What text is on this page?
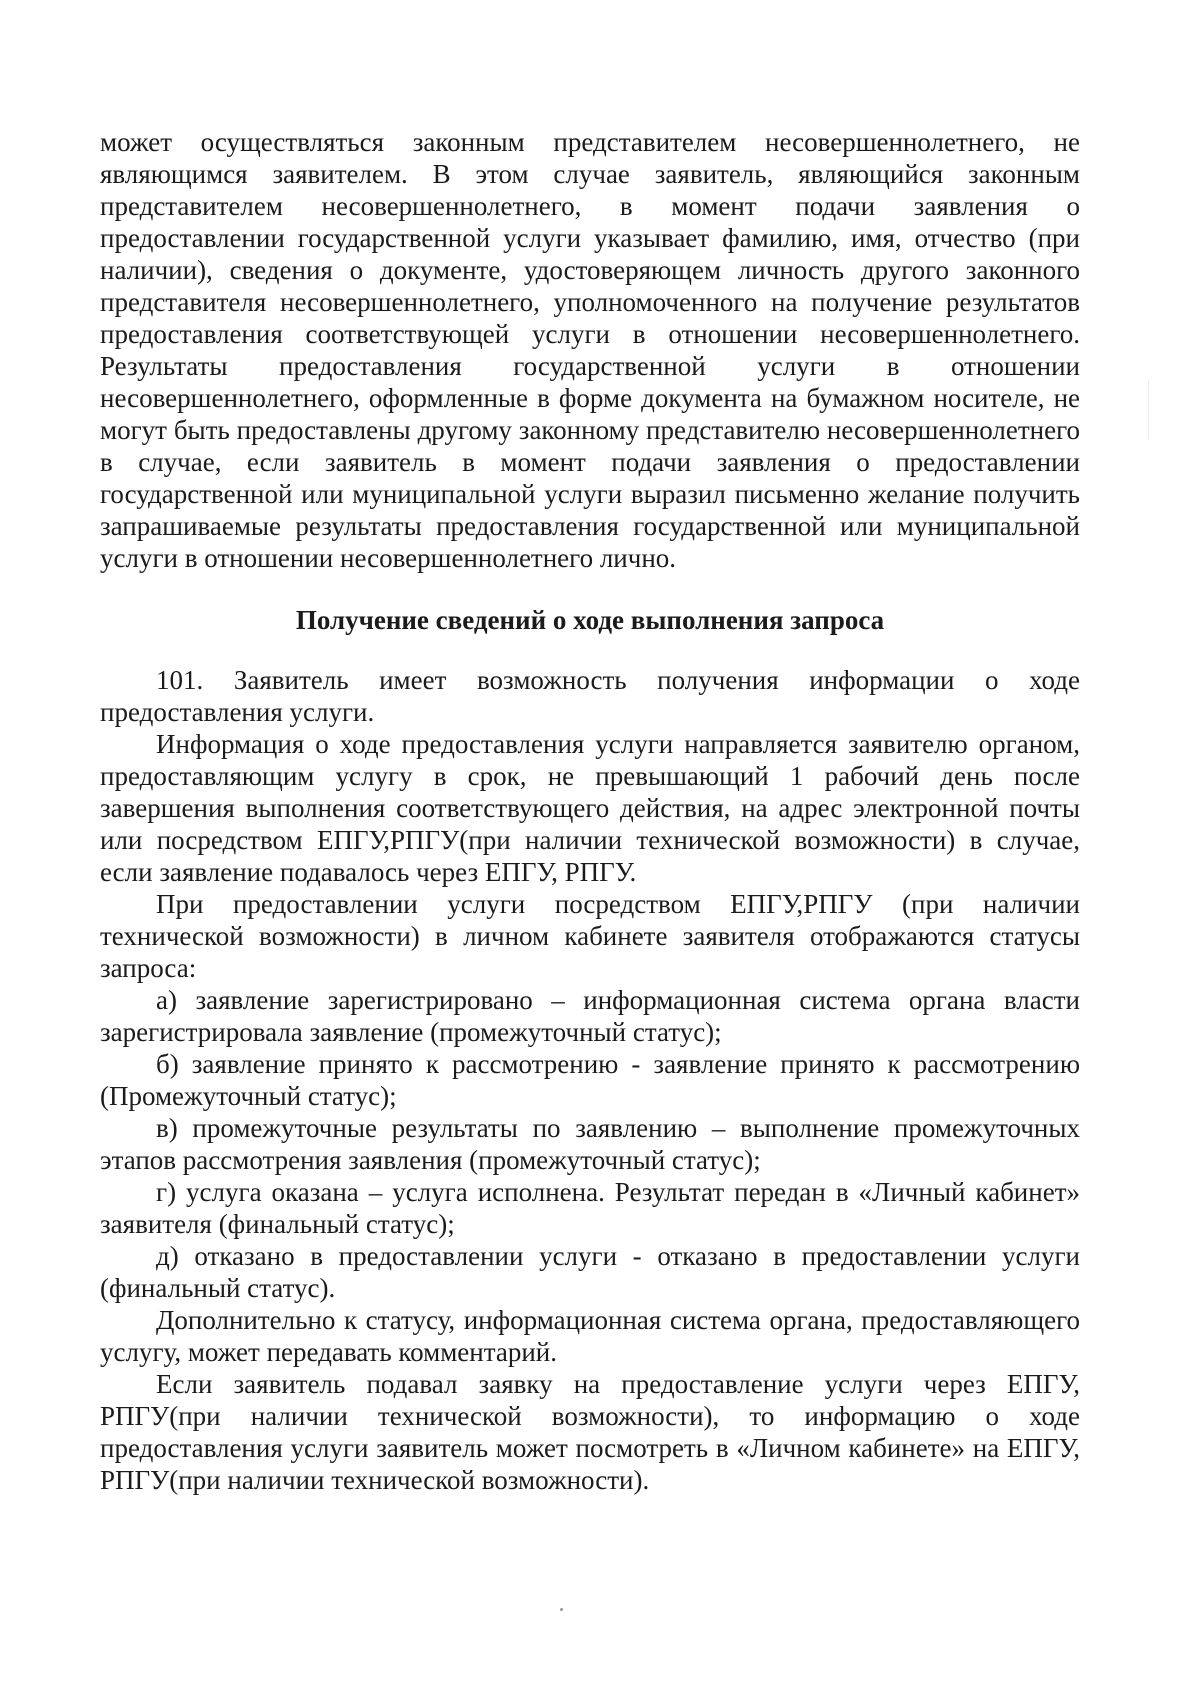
может осуществляться законным представителем несовершеннолетнего, не являющимся заявителем. В этом случае заявитель, являющийся законным представителем несовершеннолетнего, в момент подачи заявления о предоставлении государственной услуги указывает фамилию, имя, отчество (при наличии), сведения о документе, удостоверяющем личность другого законного представителя несовершеннолетнего, уполномоченного на получение результатов предоставления соответствующей услуги в отношении несовершеннолетнего. Результаты предоставления государственной услуги в отношении несовершеннолетнего, оформленные в форме документа на бумажном носителе, не могут быть предоставлены другому законному представителю несовершеннолетнего в случае, если заявитель в момент подачи заявления о предоставлении государственной или муниципальной услуги выразил письменно желание получить запрашиваемые результаты предоставления государственной или муниципальной услуги в отношении несовершеннолетнего лично.

Получение сведений о ходе выполнения запроса

101. Заявитель имеет возможность получения информации о ходе предоставления услуги.

Информация о ходе предоставления услуги направляется заявителю органом, предоставляющим услугу в срок, не превышающий 1 рабочий день после завершения выполнения соответствующего действия, на адрес электронной почты или посредством ЕПГУ,РПГУ(при наличии технической возможности) в случае, если заявление подавалось через ЕПГУ, РПГУ.

При предоставлении услуги посредством ЕПГУ,РПГУ (при наличии технической возможности) в личном кабинете заявителя отображаются статусы запроса:

а) заявление зарегистрировано – информационная система органа власти зарегистрировала заявление (промежуточный статус);

б) заявление принято к рассмотрению - заявление принято к рассмотрению (Промежуточный статус);

в) промежуточные результаты по заявлению – выполнение промежуточных этапов рассмотрения заявления (промежуточный статус);

г) услуга оказана – услуга исполнена. Результат передан в «Личный кабинет» заявителя (финальный статус);

д) отказано в предоставлении услуги - отказано в предоставлении услуги (финальный статус).

Дополнительно к статусу, информационная система органа, предоставляющего услугу, может передавать комментарий.

Если заявитель подавал заявку на предоставление услуги через ЕПГУ, РПГУ(при наличии технической возможности), то информацию о ходе предоставления услуги заявитель может посмотреть в «Личном кабинете» на ЕПГУ, РПГУ(при наличии технической возможности).
